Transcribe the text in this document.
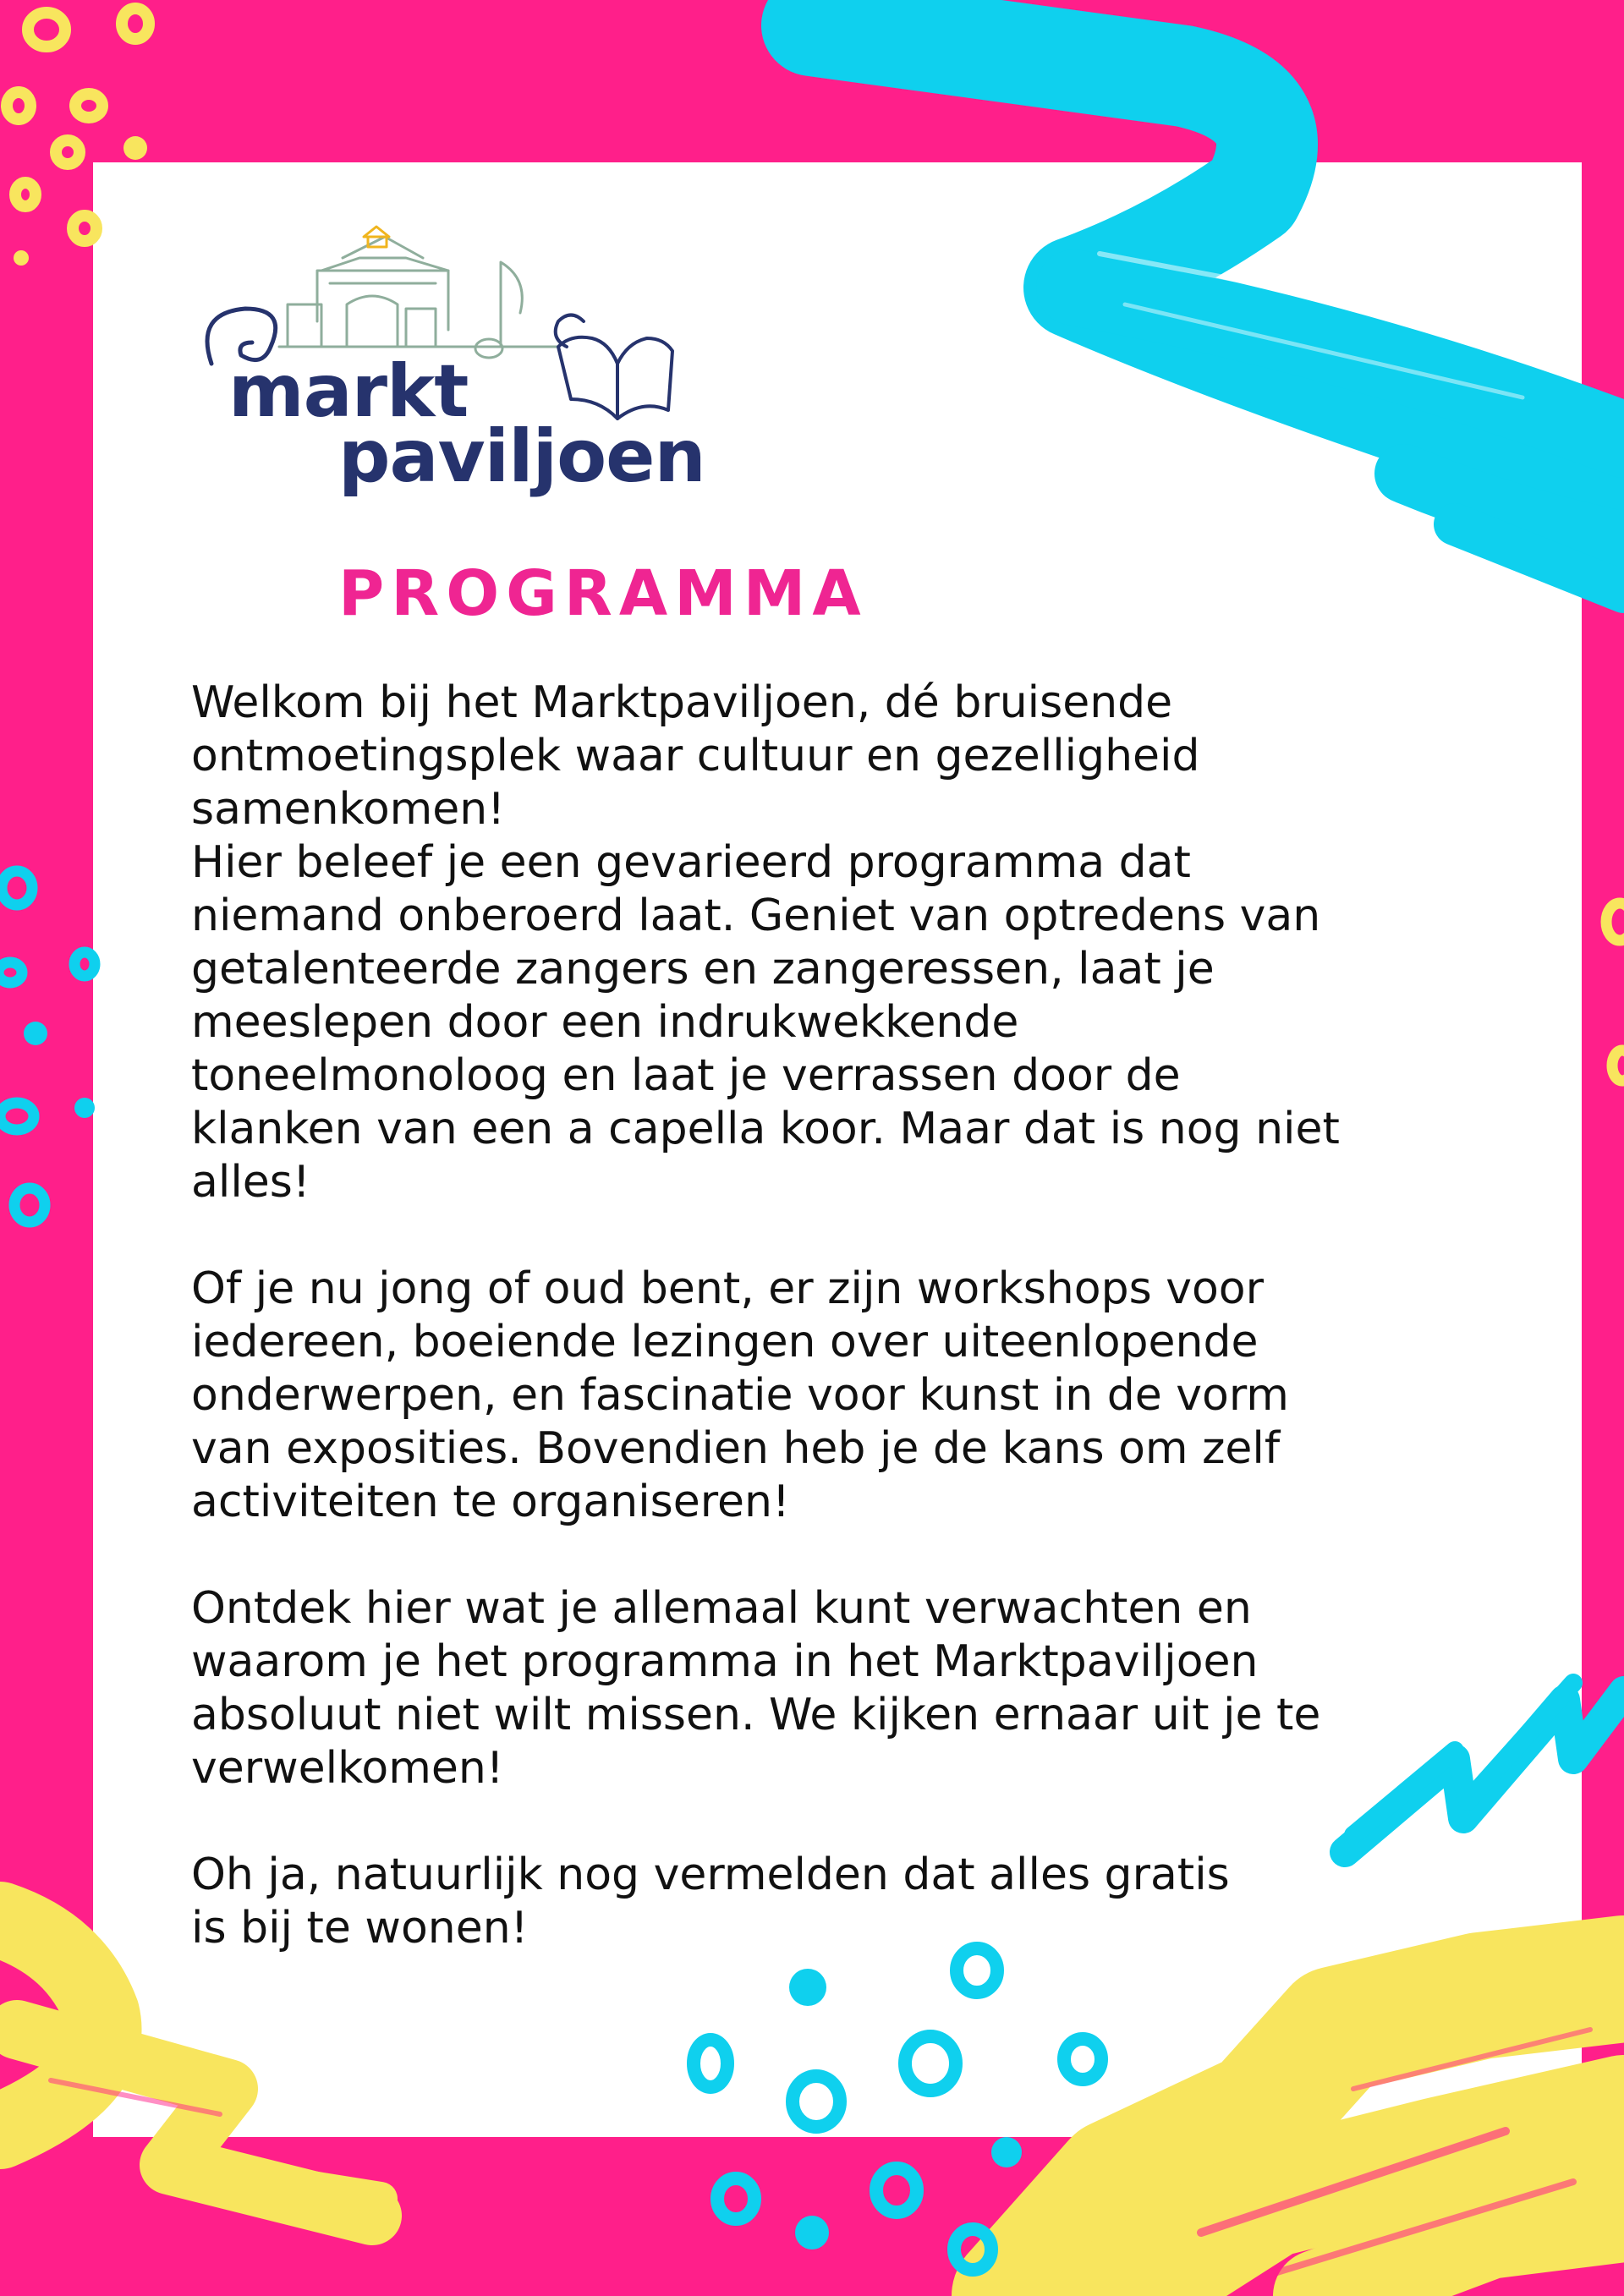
markt
paviljoen
PROGRAMMA
Welkom bij het Marktpaviljoen, dé bruisende
ontmoetingsplek waar cultuur en gezelligheid
samenkomen!
Hier beleef je een gevarieerd programma dat
niemand onberoerd laat. Geniet van optredens van
getalenteerde zangers en zangeressen, laat je
meeslepen door een indrukwekkende
toneelmonoloog en laat je verrassen door de
klanken van een a capella koor. Maar dat is nog niet
alles!
Of je nu jong of oud bent, er zijn workshops voor
iedereen, boeiende lezingen over uiteenlopende
onderwerpen, en fascinatie voor kunst in de vorm
van exposities. Bovendien heb je de kans om zelf
activiteiten te organiseren!
Ontdek hier wat je allemaal kunt verwachten en
waarom je het programma in het Marktpaviljoen
absoluut niet wilt missen. We kijken ernaar uit je te
verwelkomen!
Oh ja, natuurlijk nog vermelden dat alles gratis
is bij te wonen!
